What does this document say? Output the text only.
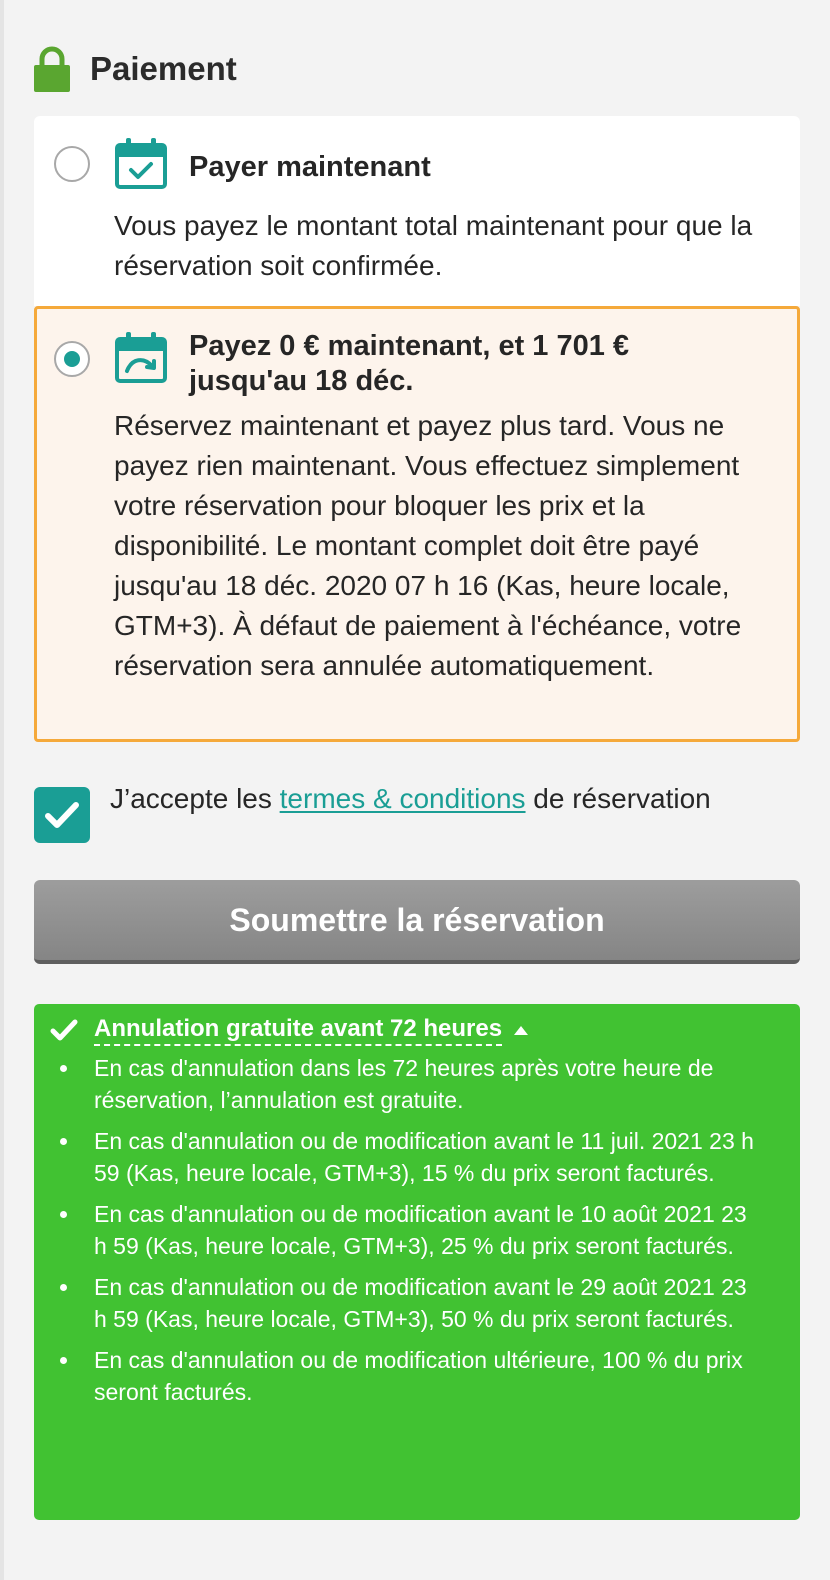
Paiement
Payer maintenant
Vous payez le montant total maintenant pour que la réservation soit confirmée.
Payez 0 € maintenant, et 1 701 € jusqu'au 18 déc.
Réservez maintenant et payez plus tard. Vous ne payez rien maintenant. Vous effectuez simplement votre réservation pour bloquer les prix et la disponibilité. Le montant complet doit être payé jusqu'au 18 déc. 2020 07 h 16 (Kas, heure locale, GTM+3). À défaut de paiement à l'échéance, votre réservation sera annulée automatiquement.
J’accepte les termes & conditions de réservation
Soumettre la réservation
Annulation gratuite avant 72 heures
En cas d'annulation dans les 72 heures après votre heure de réservation, l’annulation est gratuite.
En cas d'annulation ou de modification avant le 11 juil. 2021 23 h 59 (Kas, heure locale, GTM+3), 15 % du prix seront facturés.
En cas d'annulation ou de modification avant le 10 août 2021 23 h 59 (Kas, heure locale, GTM+3), 25 % du prix seront facturés.
En cas d'annulation ou de modification avant le 29 août 2021 23 h 59 (Kas, heure locale, GTM+3), 50 % du prix seront facturés.
En cas d'annulation ou de modification ultérieure, 100 % du prix seront facturés.
